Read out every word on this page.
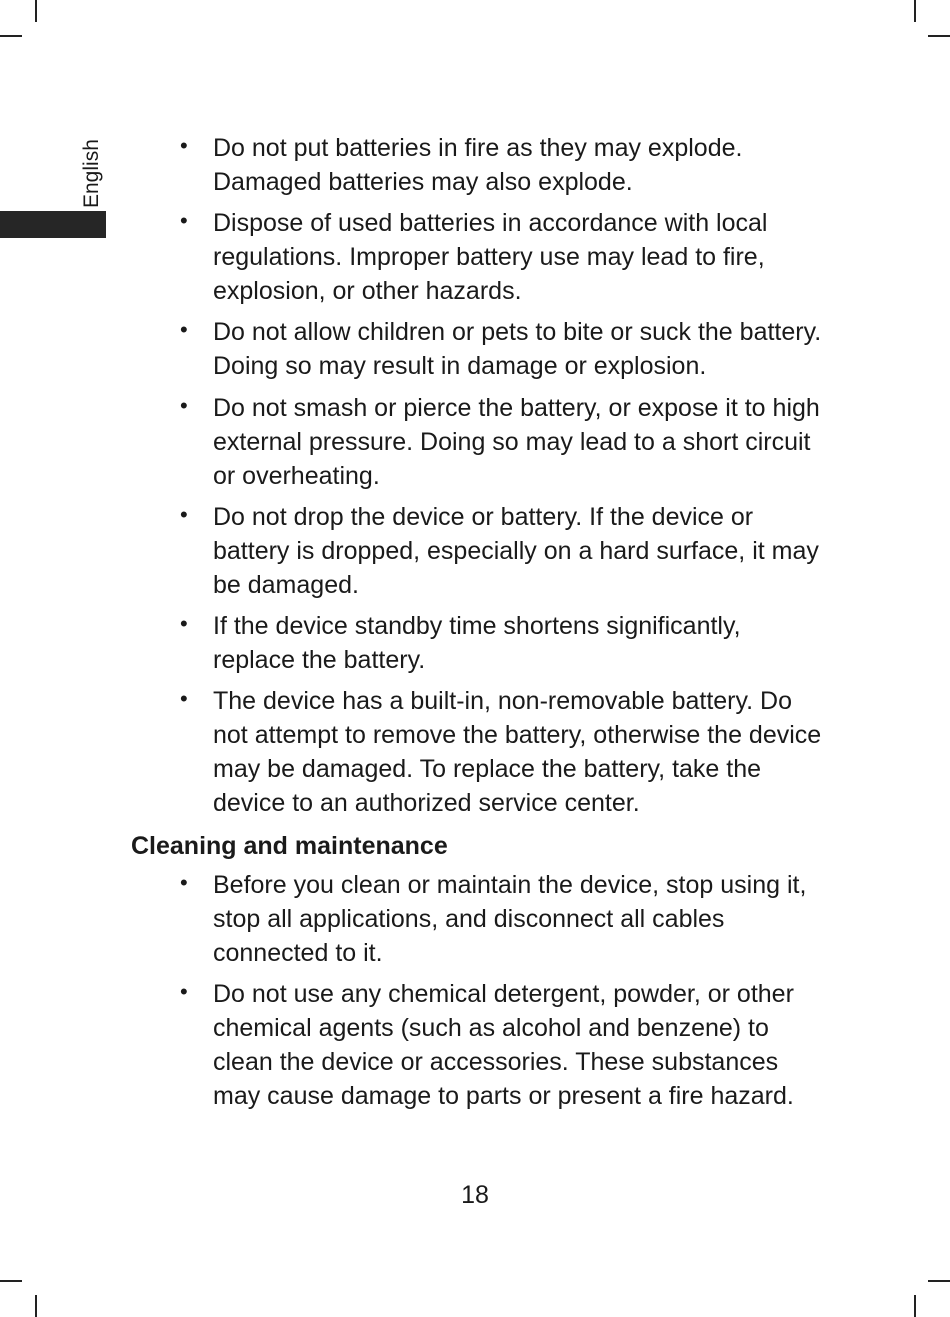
English	• Do not put batteries in fire as they may explode. Damaged batteries may also explode.
• Dispose of used batteries in accordance with local regulations. Improper battery use may lead to fire, explosion, or other hazards.
• Do not allow children or pets to bite or suck the battery. Doing so may result in damage or explosion.
• Do not smash or pierce the battery, or expose it to high external pressure. Doing so may lead to a short circuit or overheating.
• Do not drop the device or battery. If the device or battery is dropped, especially on a hard surface, it may be damaged.
• If the device standby time shortens significantly, replace the battery.
• The device has a built-in, non-removable battery. Do not attempt to remove the battery, otherwise the device may be damaged. To replace the battery, take the device to an authorized service center.
Cleaning and maintenance
• Before you clean or maintain the device, stop using it, stop all applications, and disconnect all cables connected to it.
• Do not use any chemical detergent, powder, or other chemical agents (such as alcohol and benzene) to clean the device or accessories. These substances may cause damage to parts or present a fire hazard.
18
